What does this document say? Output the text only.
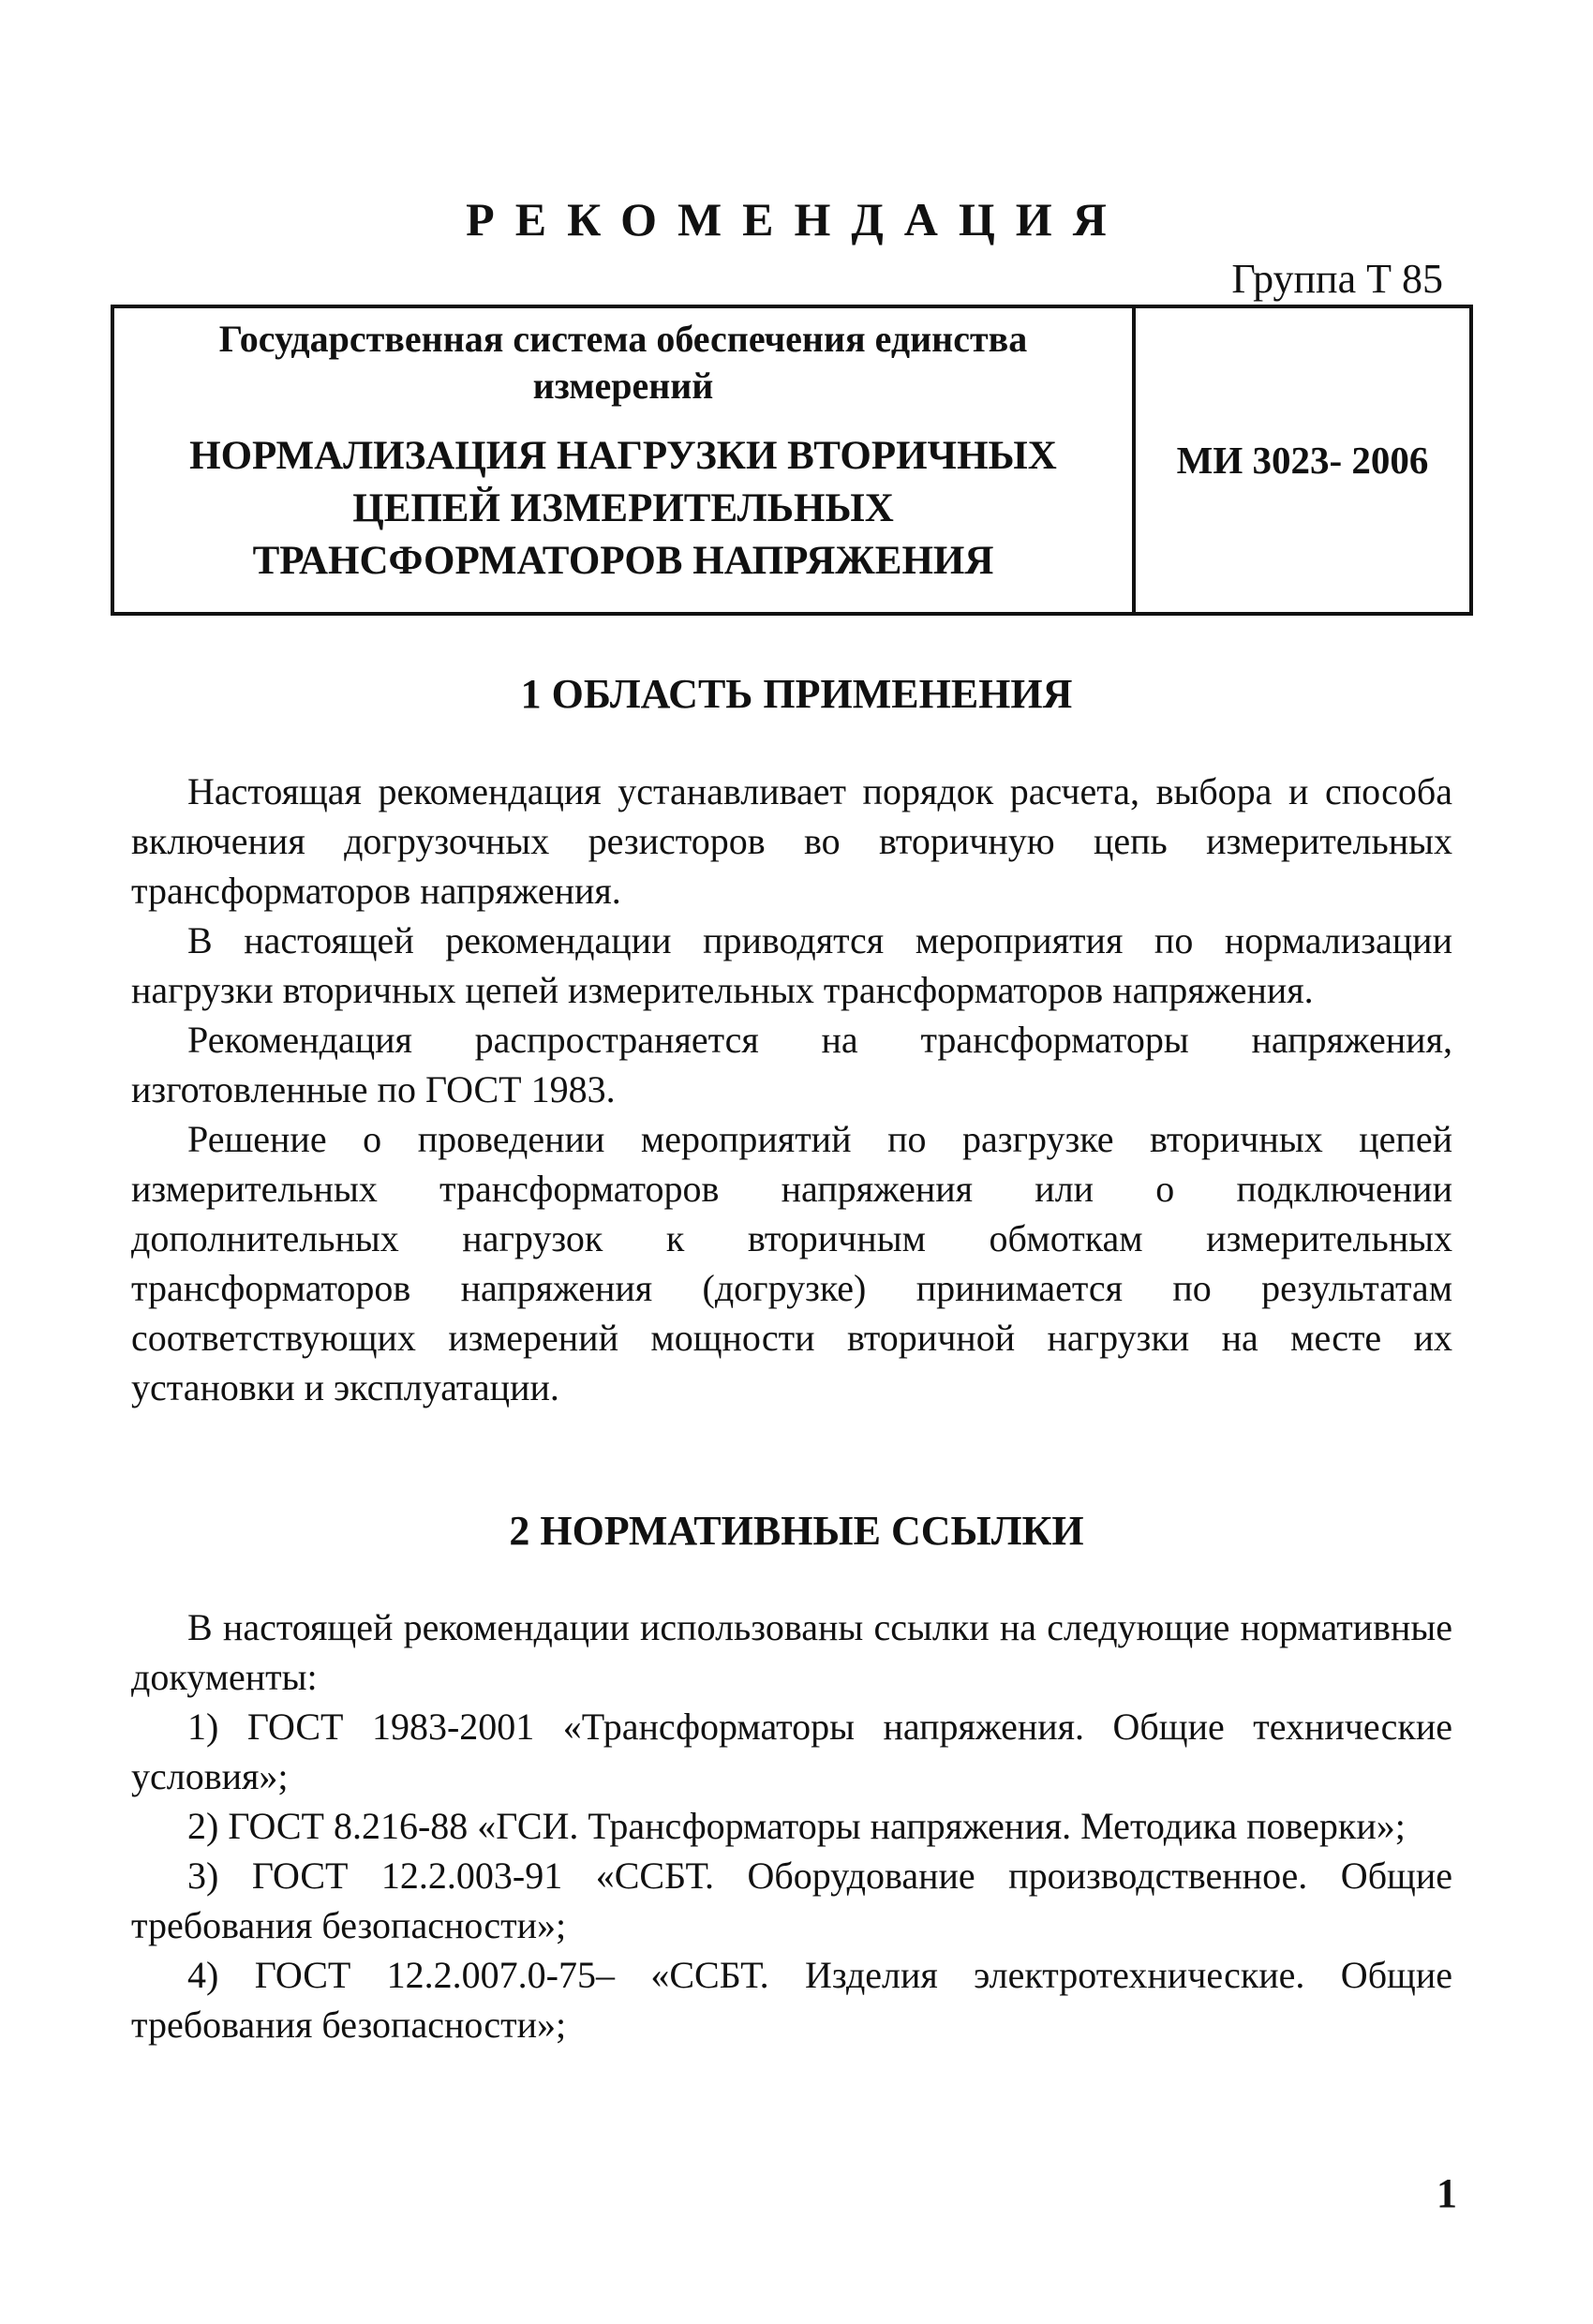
РЕКОМЕНДАЦИЯ
Группа Т 85
Государственная система обеспечения единства измерений
НОРМАЛИЗАЦИЯ НАГРУЗКИ ВТОРИЧНЫХ ЦЕПЕЙ ИЗМЕРИТЕЛЬНЫХ ТРАНСФОРМАТОРОВ НАПРЯЖЕНИЯ
МИ 3023- 2006
1 ОБЛАСТЬ ПРИМЕНЕНИЯ

Настоящая рекомендация устанавливает порядок расчета, выбора и способа включения догрузочных резисторов во вторичную цепь измерительных трансформаторов напряжения.

В настоящей рекомендации приводятся мероприятия по нормализации нагрузки вторичных цепей измерительных трансформаторов напряжения.

Рекомендация распространяется на трансформаторы напряжения, изготовленные по ГОСТ 1983.

Решение о проведении мероприятий по разгрузке вторичных цепей измерительных трансформаторов напряжения или о подключении дополнительных нагрузок к вторичным обмоткам измерительных трансформаторов напряжения (догрузке) принимается по результатам соответствующих измерений мощности вторичной нагрузки на месте их установки и эксплуатации.

2 НОРМАТИВНЫЕ ССЫЛКИ

В настоящей рекомендации использованы ссылки на следующие нормативные документы:

1) ГОСТ 1983-2001 «Трансформаторы напряжения. Общие технические условия»;

2) ГОСТ 8.216-88 «ГСИ. Трансформаторы напряжения. Методика поверки»;

3) ГОСТ 12.2.003-91 «ССБТ. Оборудование производственное. Общие требования безопасности»;

4) ГОСТ 12.2.007.0-75– «ССБТ. Изделия электротехнические. Общие требования безопасности»;

1
